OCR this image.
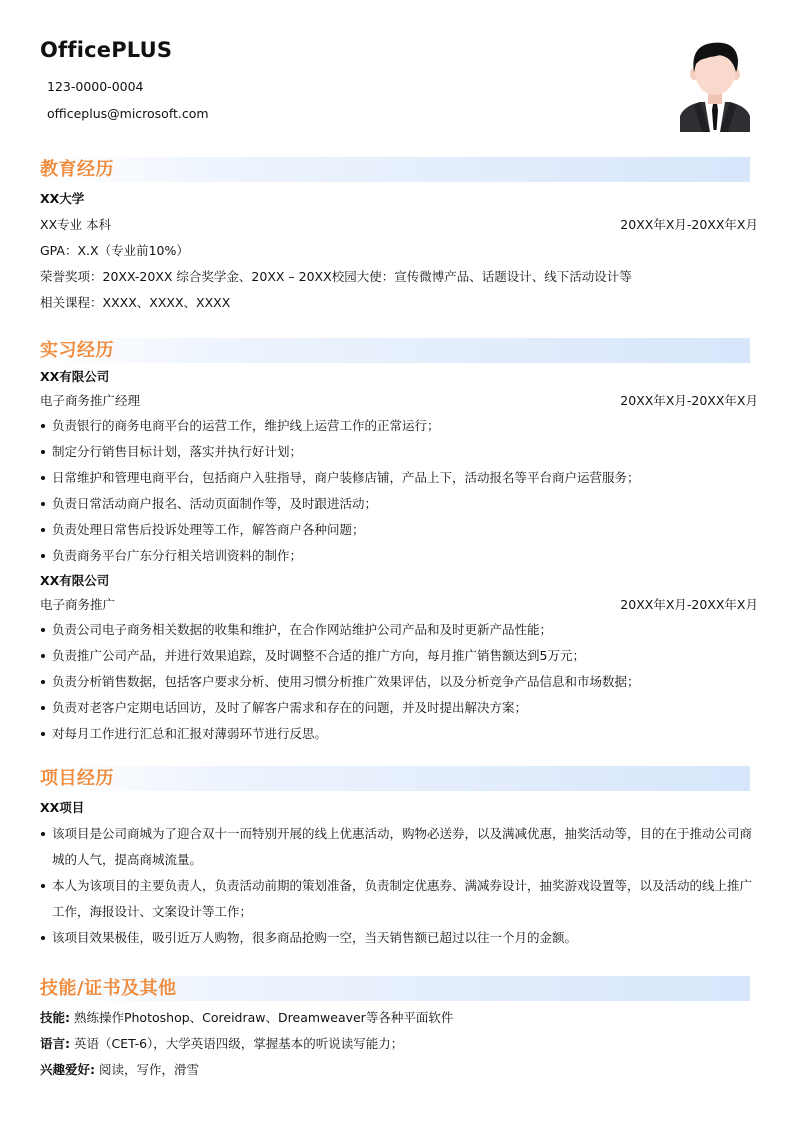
OfficePLUS
123-0000-0004
officeplus@microsoft.com
教育经历
XX大学
XX专业 本科	20XX年X月-20XX年X月
GPA：X.X（专业前10%）
荣誉奖项：20XX-20XX 综合奖学金、20XX – 20XX校园大使：宣传微博产品、话题设计、线下活动设计等
相关课程：XXXX、XXXX、XXXX
实习经历
XX有限公司
电子商务推广经理	20XX年X月-20XX年X月
负责银行的商务电商平台的运营工作，维护线上运营工作的正常运行；
制定分行销售目标计划，落实并执行好计划；
日常维护和管理电商平台，包括商户入驻指导，商户装修店铺，产品上下，活动报名等平台商户运营服务；
负责日常活动商户报名、活动页面制作等，及时跟进活动；
负责处理日常售后投诉处理等工作，解答商户各种问题；
负责商务平台广东分行相关培训资料的制作；
XX有限公司
电子商务推广	20XX年X月-20XX年X月
负责公司电子商务相关数据的收集和维护，在合作网站维护公司产品和及时更新产品性能；
负责推广公司产品，并进行效果追踪，及时调整不合适的推广方向，每月推广销售额达到5万元；
负责分析销售数据，包括客户要求分析、使用习惯分析推广效果评估，以及分析竞争产品信息和市场数据；
负责对老客户定期电话回访，及时了解客户需求和存在的问题，并及时提出解决方案；
对每月工作进行汇总和汇报对薄弱环节进行反思。
项目经历
XX项目
该项目是公司商城为了迎合双十一而特别开展的线上优惠活动，购物必送券，以及满减优惠，抽奖活动等，目的在于推动公司商城的人气，提高商城流量。
本人为该项目的主要负责人，负责活动前期的策划准备，负责制定优惠券、满减券设计，抽奖游戏设置等，以及活动的线上推广工作，海报设计、文案设计等工作；
该项目效果极佳，吸引近万人购物，很多商品抢购一空，当天销售额已超过以往一个月的金额。
技能/证书及其他
技能: 熟练操作Photoshop、Coreidraw、Dreamweaver等各种平面软件
语言: 英语（CET-6），大学英语四级，掌握基本的听说读写能力；
兴趣爱好: 阅读，写作，滑雪
